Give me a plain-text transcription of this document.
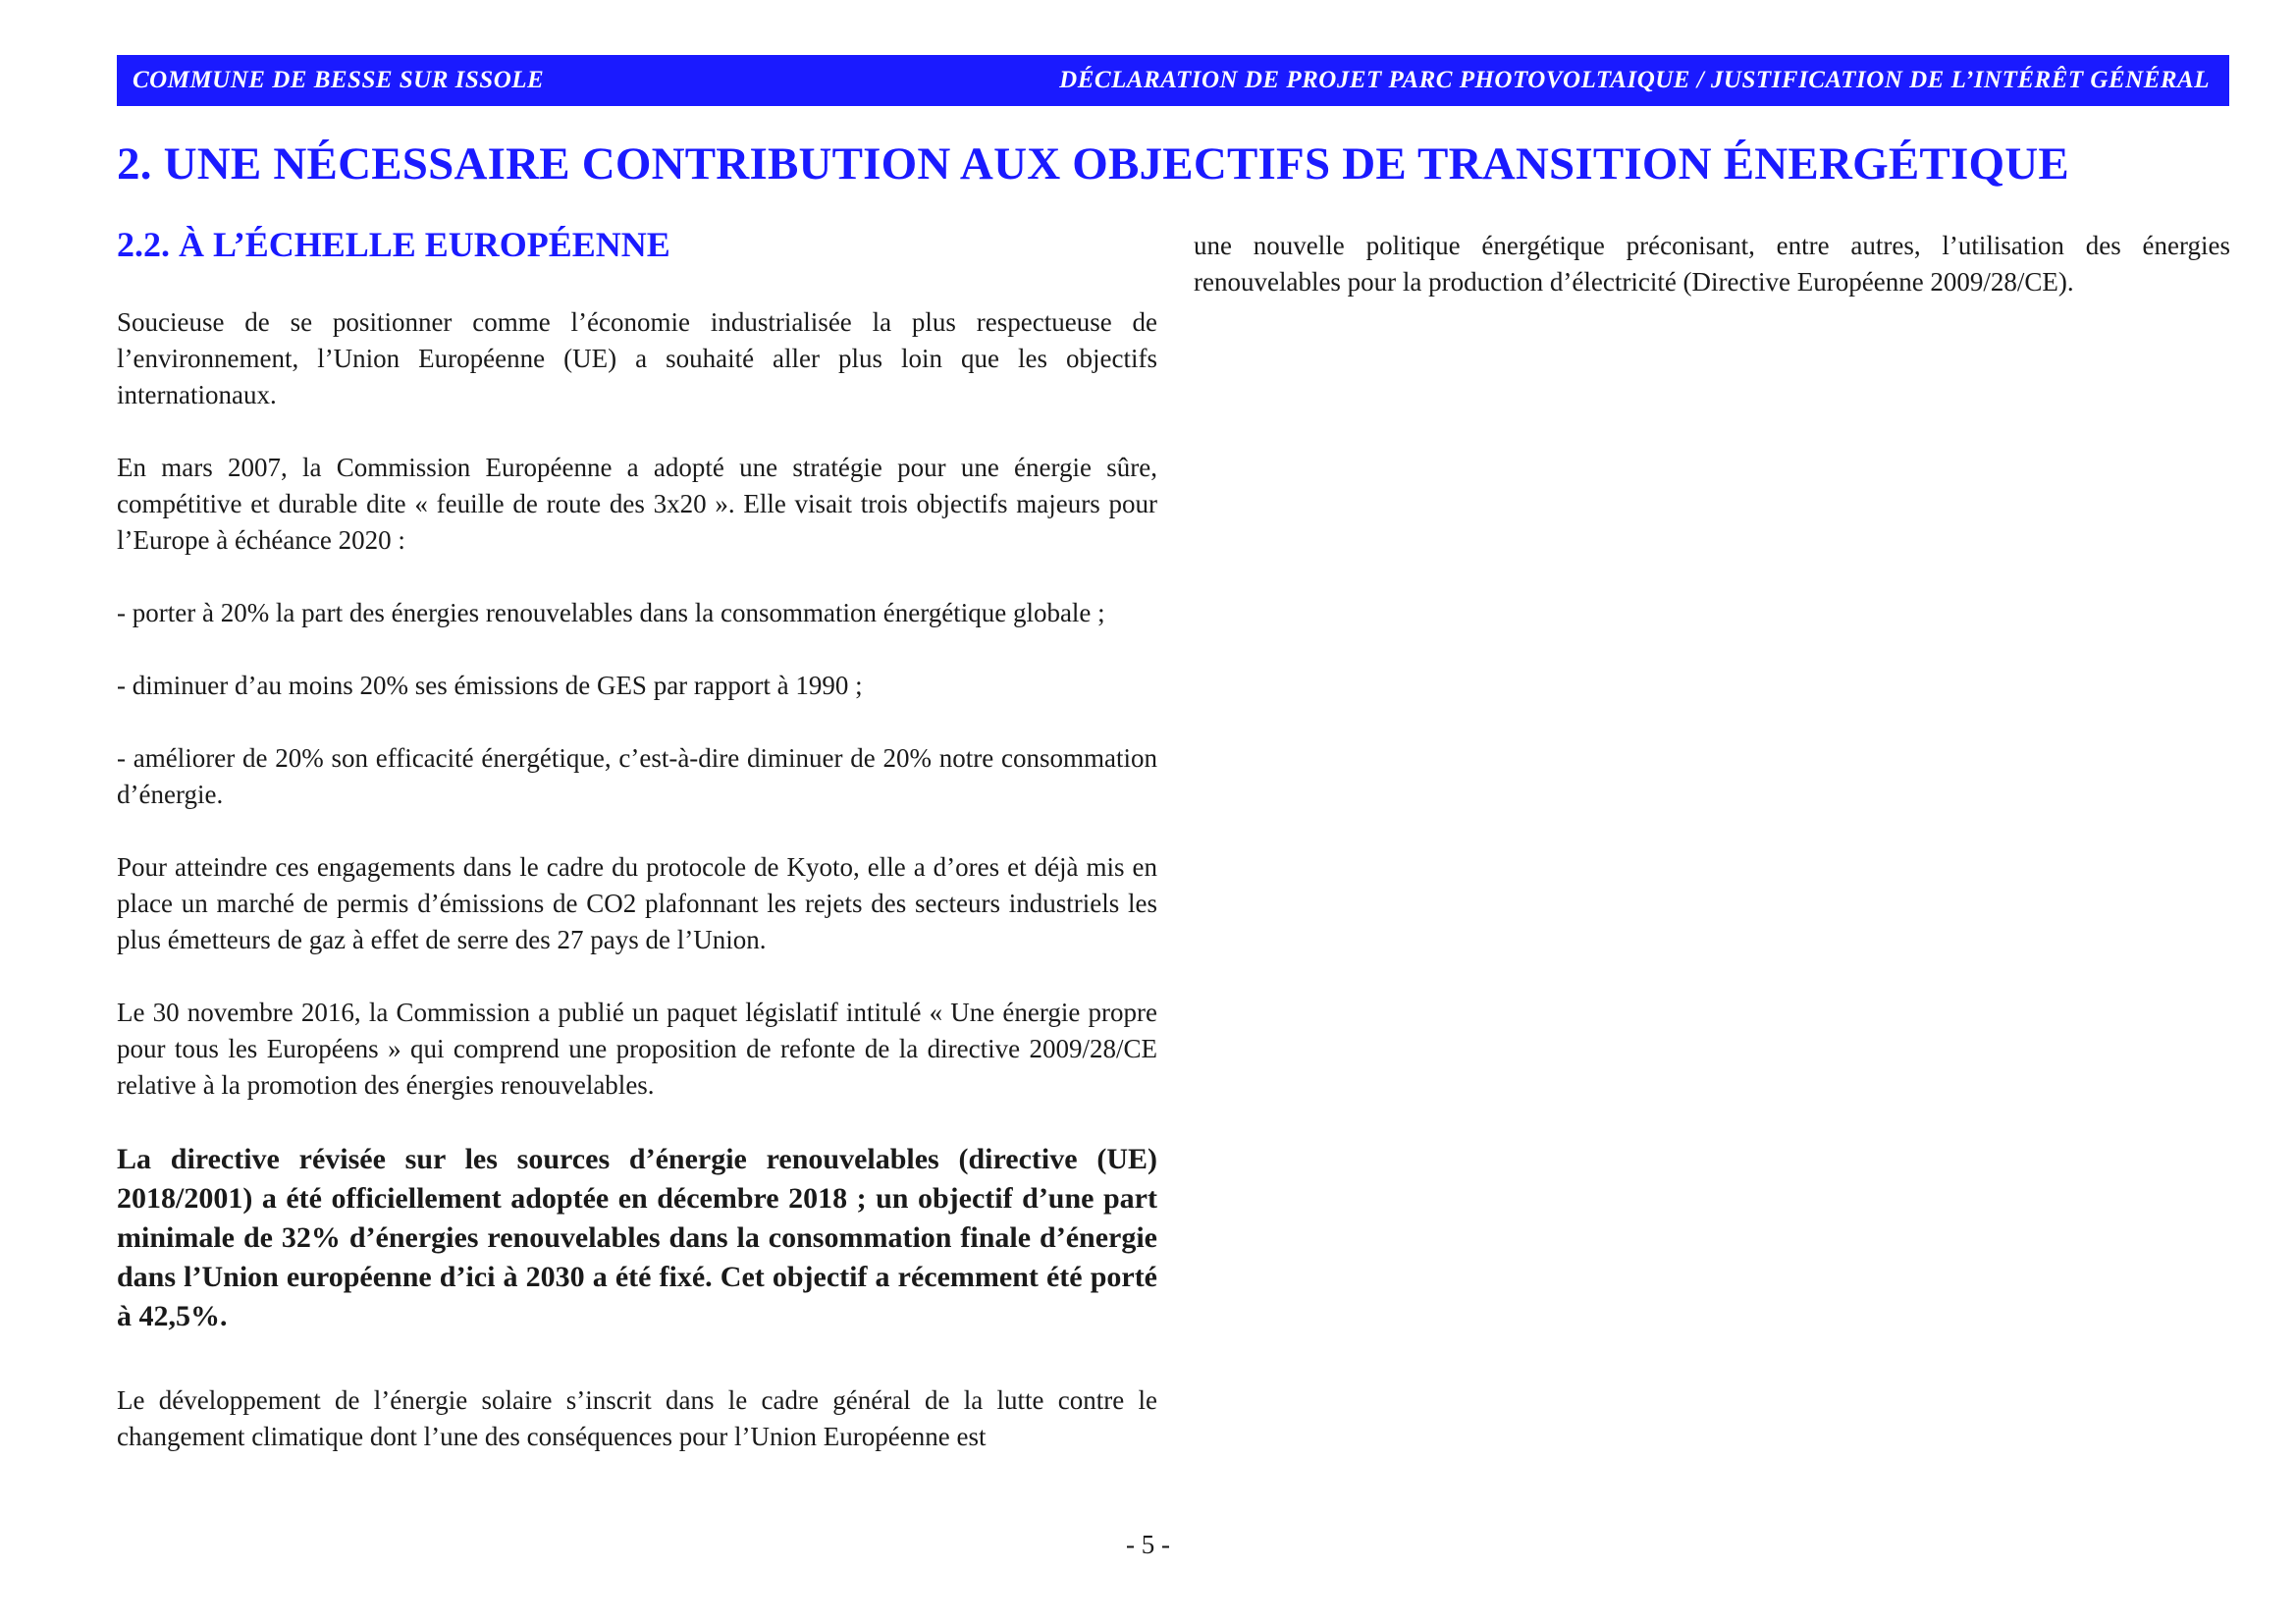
COMMUNE DE BESSE SUR ISSOLE	DÉCLARATION DE PROJET PARC PHOTOVOLTAIQUE / JUSTIFICATION DE L’INTÉRÊT GÉNÉRAL
2. UNE NÉCESSAIRE CONTRIBUTION AUX OBJECTIFS DE TRANSITION ÉNERGÉTIQUE
2.2. À L’ÉCHELLE EUROPÉENNE

Soucieuse de se positionner comme l’économie industrialisée la plus respectueuse de l’environnement, l’Union Européenne (UE) a souhaité aller plus loin que les objectifs internationaux.

En mars 2007, la Commission Européenne a adopté une stratégie pour une énergie sûre, compétitive et durable dite « feuille de route des 3x20 ». Elle visait trois objectifs majeurs pour l’Europe à échéance 2020 :

- porter à 20% la part des énergies renouvelables dans la consommation énergétique globale ;

- diminuer d’au moins 20% ses émissions de GES par rapport à 1990 ;

- améliorer de 20% son efficacité énergétique, c’est-à-dire diminuer de 20% notre consommation d’énergie.

Pour atteindre ces engagements dans le cadre du protocole de Kyoto, elle a d’ores et déjà mis en place un marché de permis d’émissions de CO2 plafonnant les rejets des secteurs industriels les plus émetteurs de gaz à effet de serre des 27 pays de l’Union.

Le 30 novembre 2016, la Commission a publié un paquet législatif intitulé « Une énergie propre pour tous les Européens » qui comprend une proposition de refonte de la directive 2009/28/CE relative à la promotion des énergies renouvelables.

La directive révisée sur les sources d’énergie renouvelables (directive (UE) 2018/2001) a été officiellement adoptée en décembre 2018 ; un objectif d’une part minimale de 32% d’énergies renouvelables dans la consommation finale d’énergie dans l’Union européenne d’ici à 2030 a été fixé. Cet objectif a récemment été porté à 42,5%.

Le développement de l’énergie solaire s’inscrit dans le cadre général de la lutte contre le changement climatique dont l’une des conséquences pour l’Union Européenne est

une nouvelle politique énergétique préconisant, entre autres, l’utilisation des énergies renouvelables pour la production d’électricité (Directive Européenne 2009/28/CE).

- 5 -
